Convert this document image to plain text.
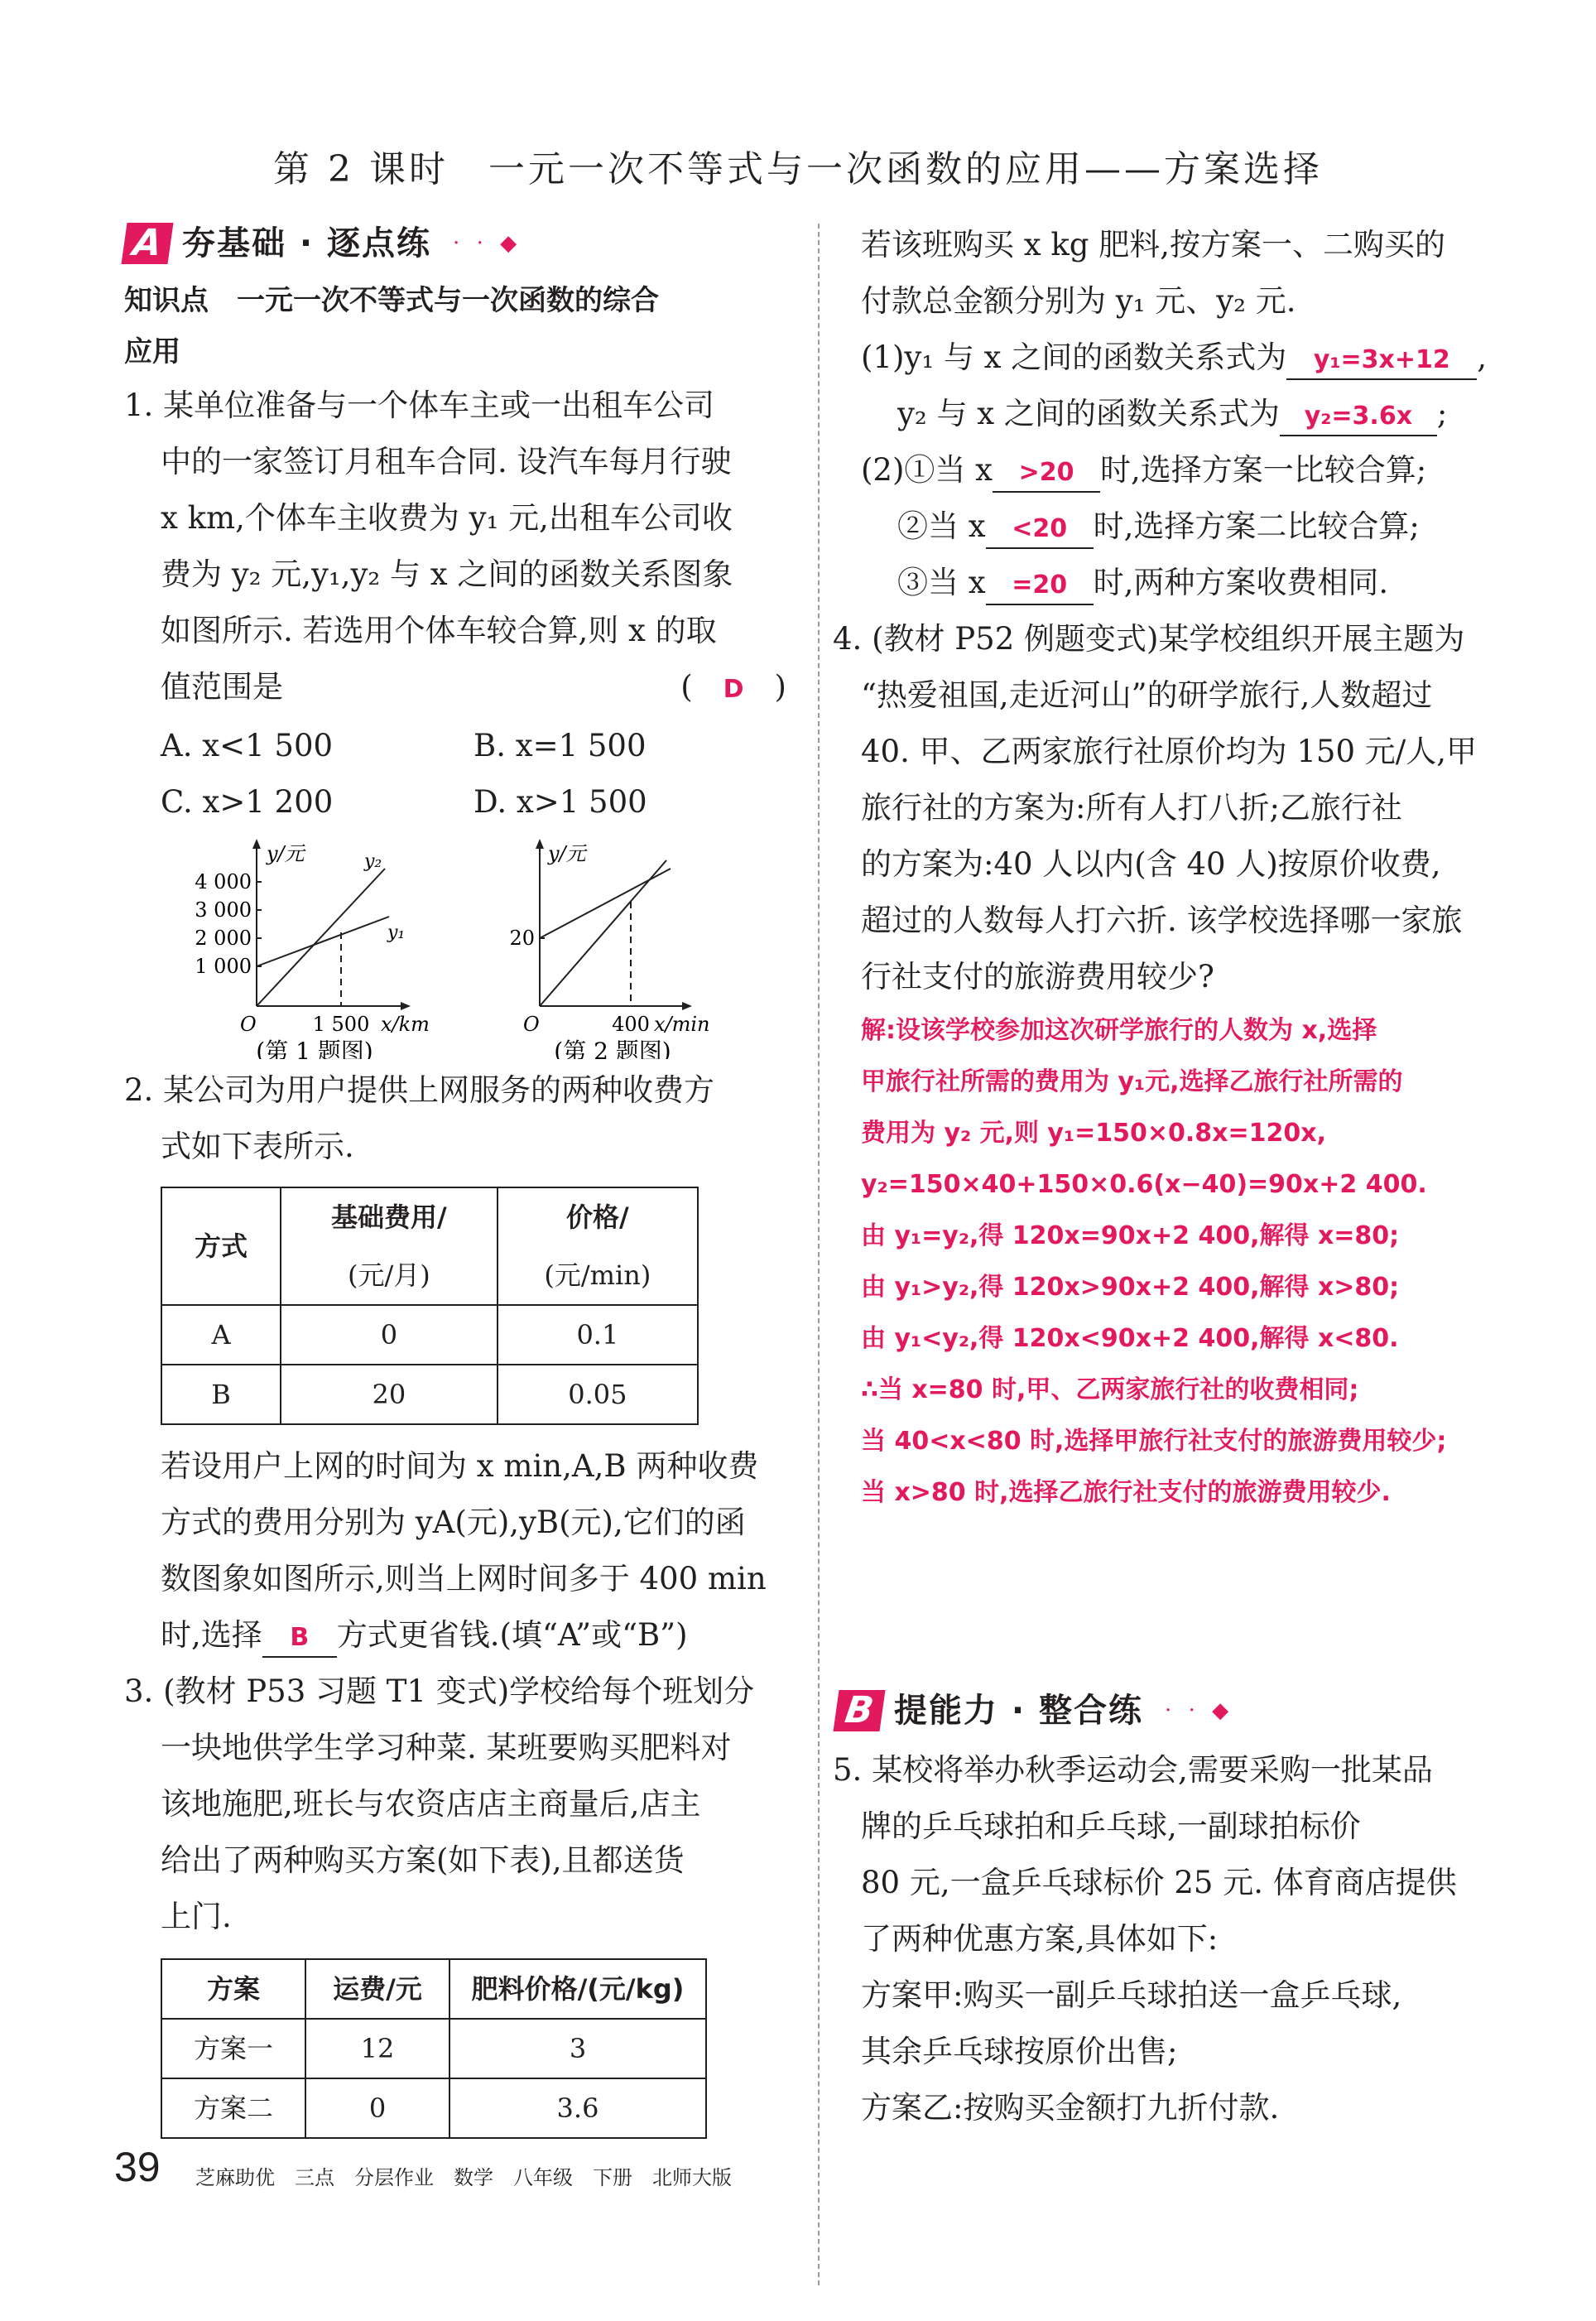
第 2 课时　一元一次不等式与一次函数的应用——方案选择
A 夯基础 · 逐点练 · · ◆
知识点　一元一次不等式与一次函数的综合
应用
1. 某单位准备与一个体车主或一出租车公司
中的一家签订月租车合同. 设汽车每月行驶
x km,个体车主收费为 y₁ 元,出租车公司收
费为 y₂ 元,y₁,y₂ 与 x 之间的函数关系图象
如图所示. 若选用个体车较合算,则 x 的取
值范围是	(　D　)
A. x<1 500	B. x=1 500
C. x>1 200	D. x>1 500
y/元
x/km
4 000
3 000
2 000
1 000
O
y₂
y₁
1 500
(第 1 题图)
y/元
x/min
20
O	400
(第 2 题图)
2. 某公司为用户提供上网服务的两种收费方
式如下表所示.
方式	基础费用/	价格/
	(元/月)	(元/min)
A	0	0.1
B	20	0.05
若设用户上网的时间为 x min,A,B 两种收费
方式的费用分别为 yA(元),yB(元),它们的函
数图象如图所示,则当上网时间多于 400 min
时,选择 B 方式更省钱.(填“A”或“B”)
3. (教材 P53 习题 T1 变式)学校给每个班划分
一块地供学生学习种菜. 某班要购买肥料对
该地施肥,班长与农资店店主商量后,店主
给出了两种购买方案(如下表),且都送货
上门.
方案	运费/元	肥料价格/(元/kg)
方案一	12	3
方案二	0	3.6
若该班购买 x kg 肥料,按方案一、二购买的
付款总金额分别为 y₁ 元、y₂ 元.
(1)y₁ 与 x 之间的函数关系式为 y₁=3x+12 ,
y₂ 与 x 之间的函数关系式为 y₂=3.6x ;
(2)①当 x >20 时,选择方案一比较合算;
②当 x <20 时,选择方案二比较合算;
③当 x =20 时,两种方案收费相同.
4. (教材 P52 例题变式)某学校组织开展主题为
“热爱祖国,走近河山”的研学旅行,人数超过
40. 甲、乙两家旅行社原价均为 150 元/人,甲
旅行社的方案为:所有人打八折;乙旅行社
的方案为:40 人以内(含 40 人)按原价收费,
超过的人数每人打六折. 该学校选择哪一家旅
行社支付的旅游费用较少?
解:设该学校参加这次研学旅行的人数为 x,选择
甲旅行社所需的费用为 y₁元,选择乙旅行社所需的
费用为 y₂ 元,则 y₁=150×0.8x=120x,
y₂=150×40+150×0.6(x−40)=90x+2 400.
由 y₁=y₂,得 120x=90x+2 400,解得 x=80;
由 y₁>y₂,得 120x>90x+2 400,解得 x>80;
由 y₁<y₂,得 120x<90x+2 400,解得 x<80.
∴当 x=80 时,甲、乙两家旅行社的收费相同;
当 40<x<80 时,选择甲旅行社支付的旅游费用较少;
当 x>80 时,选择乙旅行社支付的旅游费用较少.
B 提能力 · 整合练 · · ◆
5. 某校将举办秋季运动会,需要采购一批某品
牌的乒乓球拍和乒乓球,一副球拍标价
80 元,一盒乒乓球标价 25 元. 体育商店提供
了两种优惠方案,具体如下:
方案甲:购买一副乒乓球拍送一盒乒乓球,
其余乒乓球按原价出售;
方案乙:按购买金额打九折付款.
39 芝麻助优　三点　分层作业　数学　八年级　下册　北师大版
